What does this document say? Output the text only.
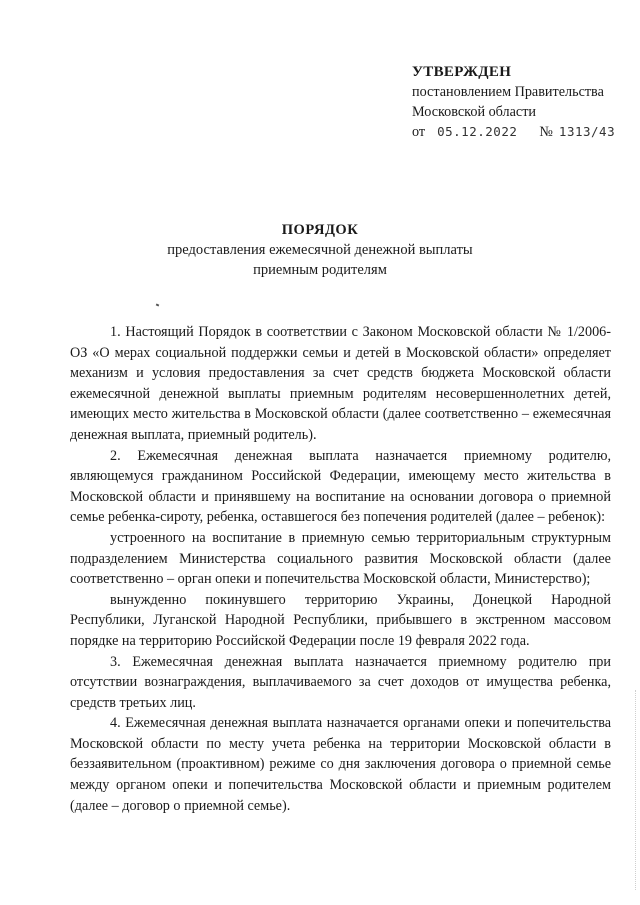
УТВЕРЖДЕН
постановлением Правительства
Московской области
от 05.12.2022 № 1313/43
ПОРЯДОК
предоставления ежемесячной денежной выплаты
приемным родителям

1. Настоящий Порядок в соответствии с Законом Московской области № 1/2006-ОЗ «О мерах социальной поддержки семьи и детей в Московской области» определяет механизм и условия предоставления за счет средств бюджета Московской области ежемесячной денежной выплаты приемным родителям несовершеннолетних детей, имеющих место жительства в Московской области (далее соответственно – ежемесячная денежная выплата, приемный родитель).

2. Ежемесячная денежная выплата назначается приемному родителю, являющемуся гражданином Российской Федерации, имеющему место жительства в Московской области и принявшему на воспитание на основании договора о приемной семье ребенка-сироту, ребенка, оставшегося без попечения родителей (далее – ребенок):

устроенного на воспитание в приемную семью территориальным структурным подразделением Министерства социального развития Московской области (далее соответственно – орган опеки и попечительства Московской области, Министерство);

вынужденно покинувшего территорию Украины, Донецкой Народной Республики, Луганской Народной Республики, прибывшего в экстренном массовом порядке на территорию Российской Федерации после 19 февраля 2022 года.

3. Ежемесячная денежная выплата назначается приемному родителю при отсутствии вознаграждения, выплачиваемого за счет доходов от имущества ребенка, средств третьих лиц.

4. Ежемесячная денежная выплата назначается органами опеки и попечительства Московской области по месту учета ребенка на территории Московской области в беззаявительном (проактивном) режиме со дня заключения договора о приемной семье между органом опеки и попечительства Московской области и приемным родителем (далее – договор о приемной семье).
